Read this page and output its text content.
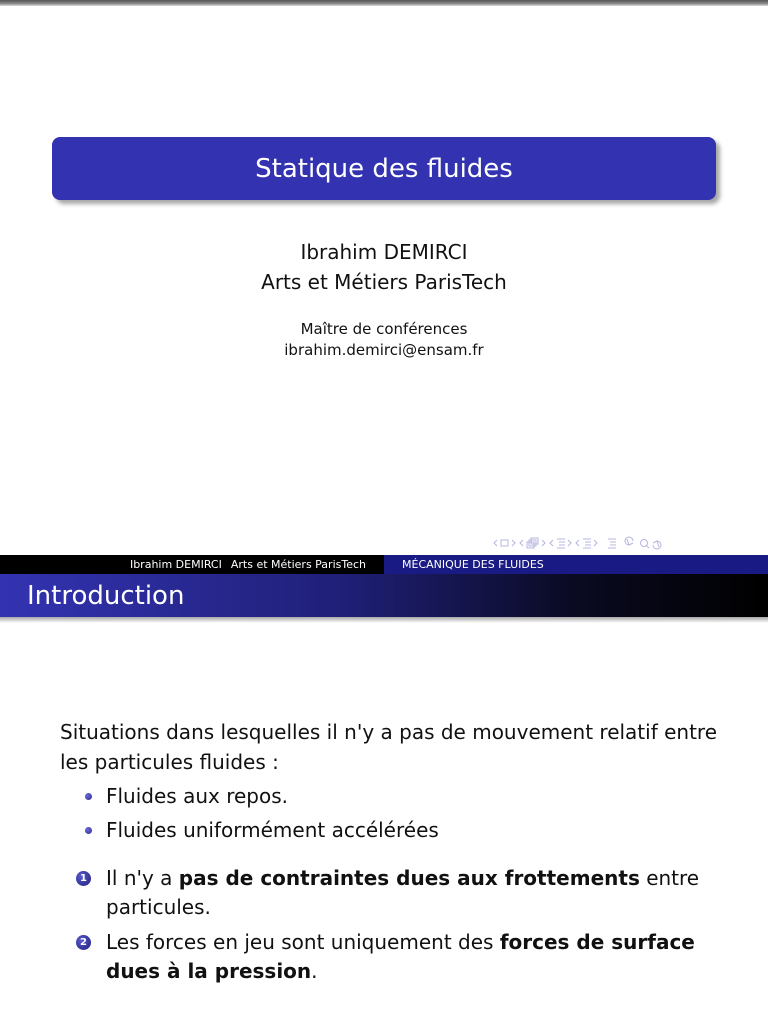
Statique des fluides
Ibrahim DEMIRCI
Arts et Métiers ParisTech
Maître de conférences
ibrahim.demirci@ensam.fr
Ibrahim DEMIRCI Arts et Métiers ParisTech	MÉCANIQUE DES FLUIDES
Introduction
Situations dans lesquelles il n'y a pas de mouvement relatif entre les particules fluides :
Fluides aux repos.
Fluides uniformément accélérées
1 Il n'y a pas de contraintes dues aux frottements entre particules.
2 Les forces en jeu sont uniquement des forces de surface dues à la pression.
